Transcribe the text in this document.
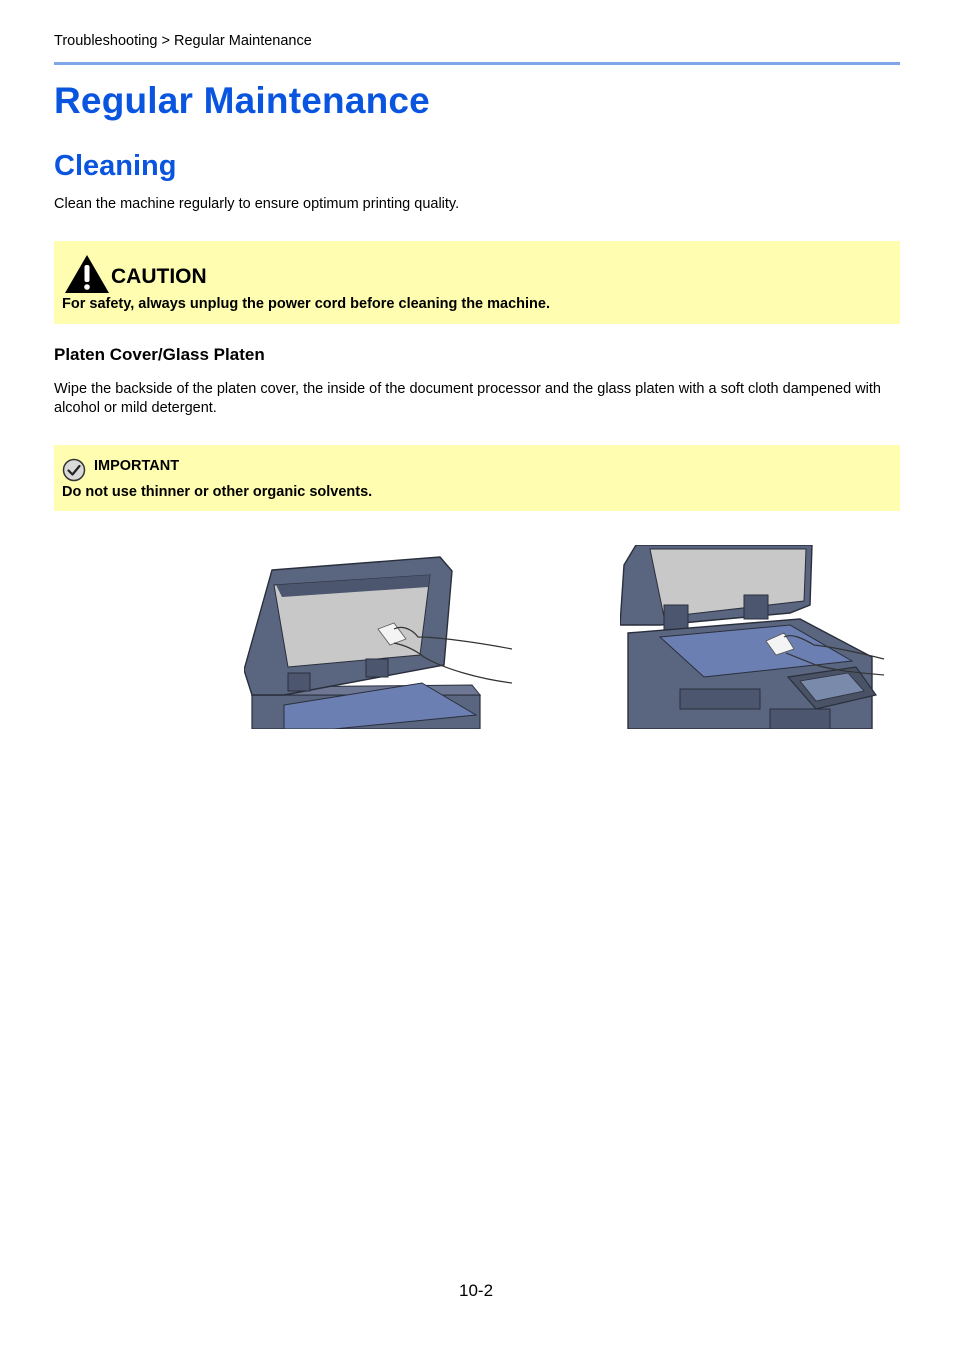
Troubleshooting > Regular Maintenance
Regular Maintenance
Cleaning
Clean the machine regularly to ensure optimum printing quality.
CAUTION
For safety, always unplug the power cord before cleaning the machine.
Platen Cover/Glass Platen
Wipe the backside of the platen cover, the inside of the document processor and the glass platen with a soft cloth dampened with alcohol or mild detergent.
IMPORTANT
Do not use thinner or other organic solvents.
10-2
